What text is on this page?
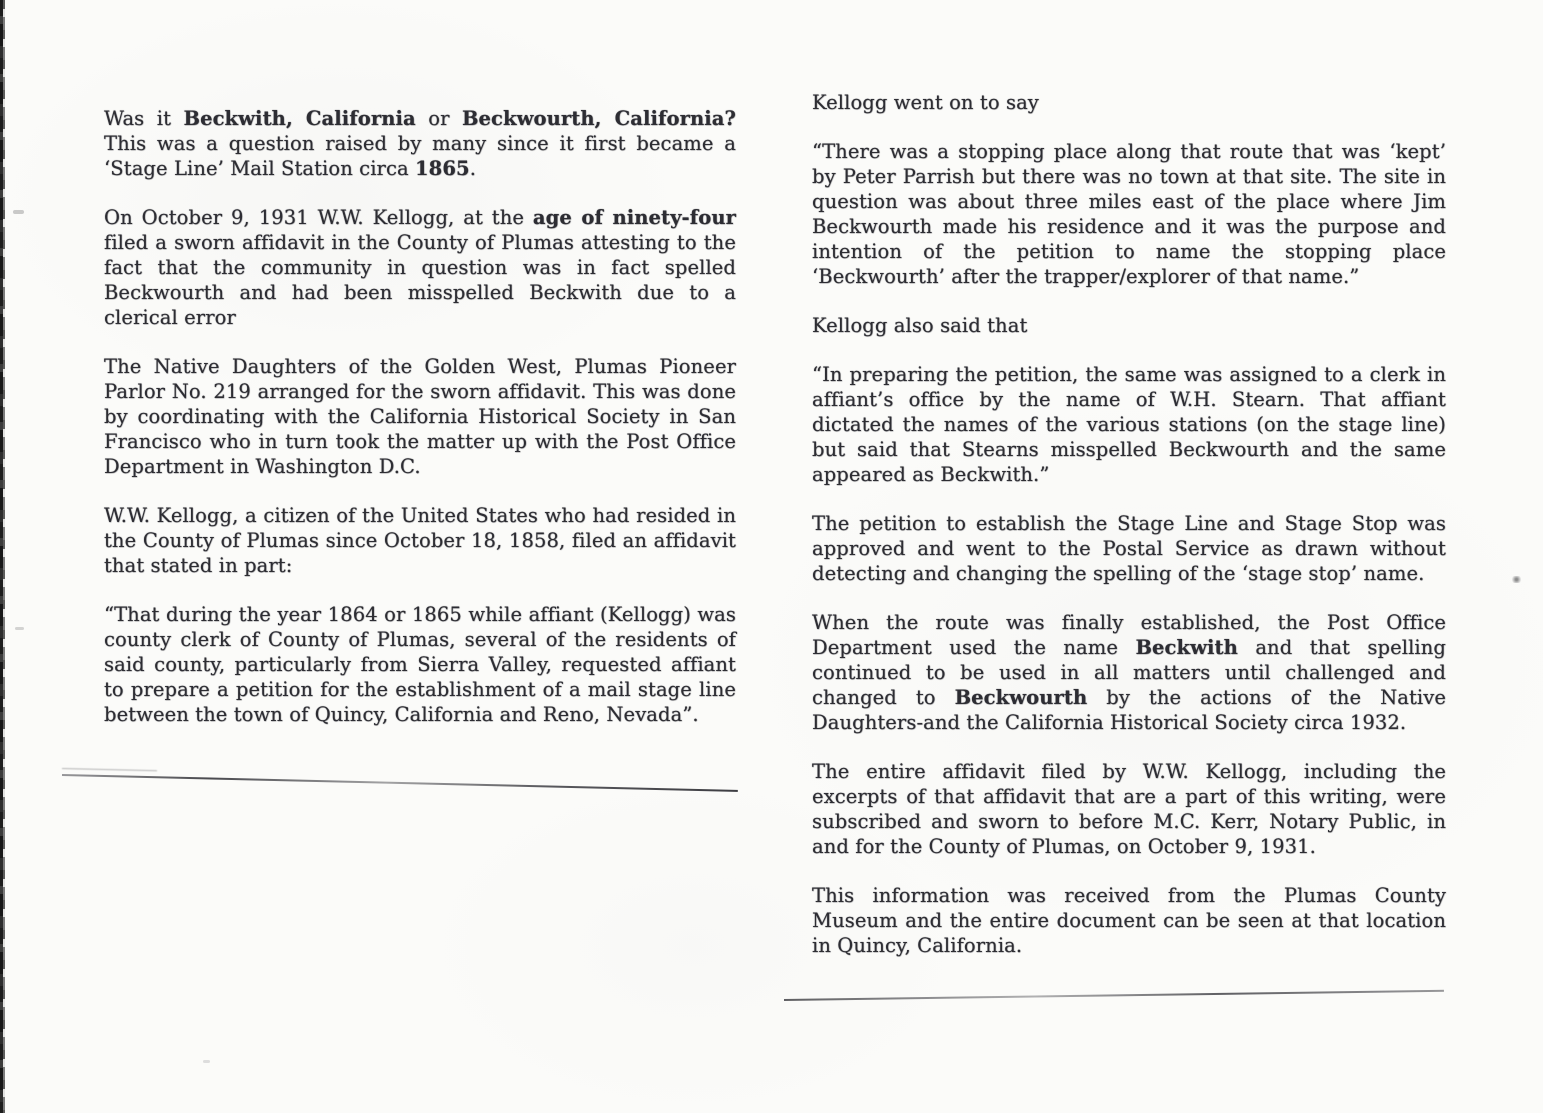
Was it Beckwith, California or Beckwourth, California? This was a question raised by many since it first became a ‘Stage Line’ Mail Station circa 1865.

On October 9, 1931 W.W. Kellogg, at the age of ninety-four filed a sworn affidavit in the County of Plumas attesting to the fact that the community in question was in fact spelled Beckwourth and had been misspelled Beckwith due to a clerical error

The Native Daughters of the Golden West, Plumas Pioneer Parlor No. 219 arranged for the sworn affidavit. This was done by coordinating with the California Historical Society in San Francisco who in turn took the matter up with the Post Office Department in Washington D.C.

W.W. Kellogg, a citizen of the United States who had resided in the County of Plumas since October 18, 1858, filed an affidavit that stated in part:

“That during the year 1864 or 1865 while affiant (Kellogg) was county clerk of County of Plumas, several of the residents of said county, particularly from Sierra Valley, requested affiant to prepare a petition for the establishment of a mail stage line between the town of Quincy, California and Reno, Nevada”.

Kellogg went on to say

“There was a stopping place along that route that was ‘kept’ by Peter Parrish but there was no town at that site. The site in question was about three miles east of the place where Jim Beckwourth made his residence and it was the purpose and intention of the petition to name the stopping place ‘Beckwourth’ after the trapper/explorer of that name.”

Kellogg also said that

“In preparing the petition, the same was assigned to a clerk in affiant’s office by the name of W.H. Stearn. That affiant dictated the names of the various stations (on the stage line) but said that Stearns misspelled Beckwourth and the same appeared as Beckwith.”

The petition to establish the Stage Line and Stage Stop was approved and went to the Postal Service as drawn without detecting and changing the spelling of the ‘stage stop’ name.

When the route was finally established, the Post Office Department used the name Beckwith and that spelling continued to be used in all matters until challenged and changed to Beckwourth by the actions of the Native Daughters-and the California Historical Society circa 1932.

The entire affidavit filed by W.W. Kellogg, including the excerpts of that affidavit that are a part of this writing, were subscribed and sworn to before M.C. Kerr, Notary Public, in and for the County of Plumas, on October 9, 1931.

This information was received from the Plumas County Museum and the entire document can be seen at that location in Quincy, California.
